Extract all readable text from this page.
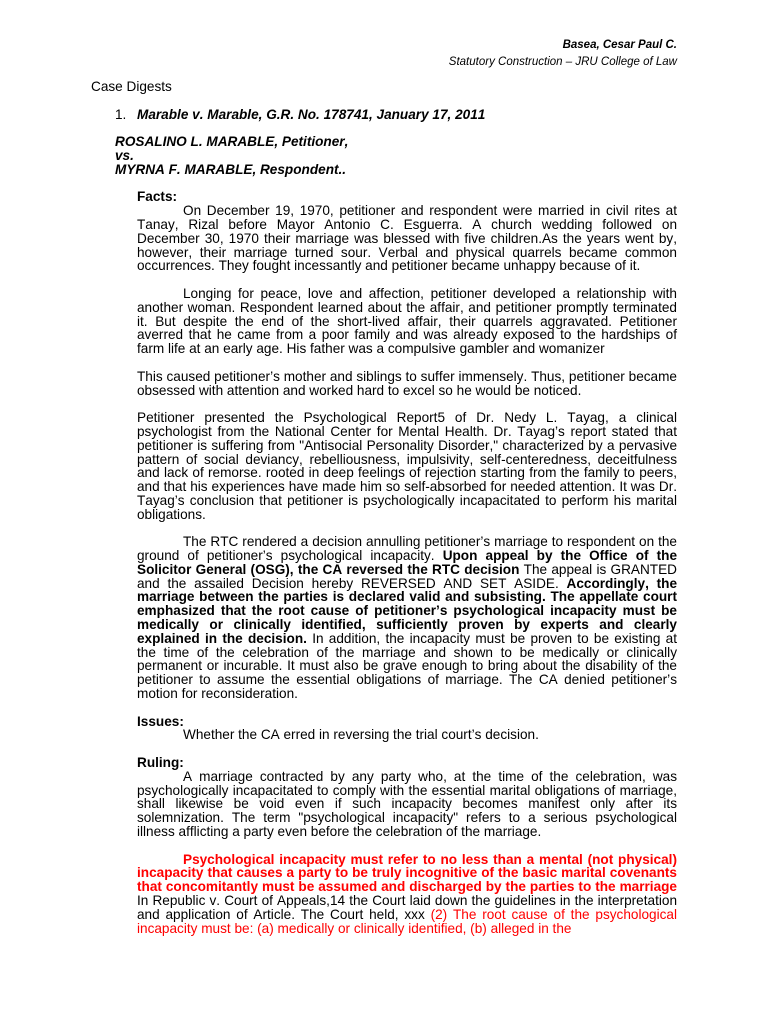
Basea, Cesar Paul C.
Statutory Construction – JRU College of Law
Case Digests
1. Marable v. Marable, G.R. No. 178741, January 17, 2011
ROSALINO L. MARABLE, Petitioner,
vs.
MYRNA F. MARABLE, Respondent..
Facts:

On December 19, 1970, petitioner and respondent were married in civil rites at Tanay, Rizal before Mayor Antonio C. Esguerra. A church wedding followed on December 30, 1970 their marriage was blessed with five children.As the years went by, however, their marriage turned sour. Verbal and physical quarrels became common occurrences. They fought incessantly and petitioner became unhappy because of it.

Longing for peace, love and affection, petitioner developed a relationship with another woman. Respondent learned about the affair, and petitioner promptly terminated it. But despite the end of the short-lived affair, their quarrels aggravated. Petitioner averred that he came from a poor family and was already exposed to the hardships of farm life at an early age. His father was a compulsive gambler and womanizer

This caused petitioner’s mother and siblings to suffer immensely. Thus, petitioner became obsessed with attention and worked hard to excel so he would be noticed.

Petitioner presented the Psychological Report5 of Dr. Nedy L. Tayag, a clinical psychologist from the National Center for Mental Health. Dr. Tayag’s report stated that petitioner is suffering from "Antisocial Personality Disorder," characterized by a pervasive pattern of social deviancy, rebelliousness, impulsivity, self-centeredness, deceitfulness and lack of remorse. rooted in deep feelings of rejection starting from the family to peers, and that his experiences have made him so self-absorbed for needed attention. It was Dr. Tayag’s conclusion that petitioner is psychologically incapacitated to perform his marital obligations.

The RTC rendered a decision annulling petitioner’s marriage to respondent on the ground of petitioner’s psychological incapacity. Upon appeal by the Office of the Solicitor General (OSG), the CA reversed the RTC decision The appeal is GRANTED and the assailed Decision hereby REVERSED AND SET ASIDE. Accordingly, the marriage between the parties is declared valid and subsisting. The appellate court emphasized that the root cause of petitioner’s psychological incapacity must be medically or clinically identified, sufficiently proven by experts and clearly explained in the decision. In addition, the incapacity must be proven to be existing at the time of the celebration of the marriage and shown to be medically or clinically permanent or incurable. It must also be grave enough to bring about the disability of the petitioner to assume the essential obligations of marriage. The CA denied petitioner’s motion for reconsideration.

Issues:

Whether the CA erred in reversing the trial court’s decision.

Ruling:

A marriage contracted by any party who, at the time of the celebration, was psychologically incapacitated to comply with the essential marital obligations of marriage, shall likewise be void even if such incapacity becomes manifest only after its solemnization. The term "psychological incapacity" refers to a serious psychological illness afflicting a party even before the celebration of the marriage.

Psychological incapacity must refer to no less than a mental (not physical) incapacity that causes a party to be truly incognitive of the basic marital covenants that concomitantly must be assumed and discharged by the parties to the marriage In Republic v. Court of Appeals,14 the Court laid down the guidelines in the interpretation and application of Article. The Court held, xxx (2) The root cause of the psychological incapacity must be: (a) medically or clinically identified, (b) alleged in the
